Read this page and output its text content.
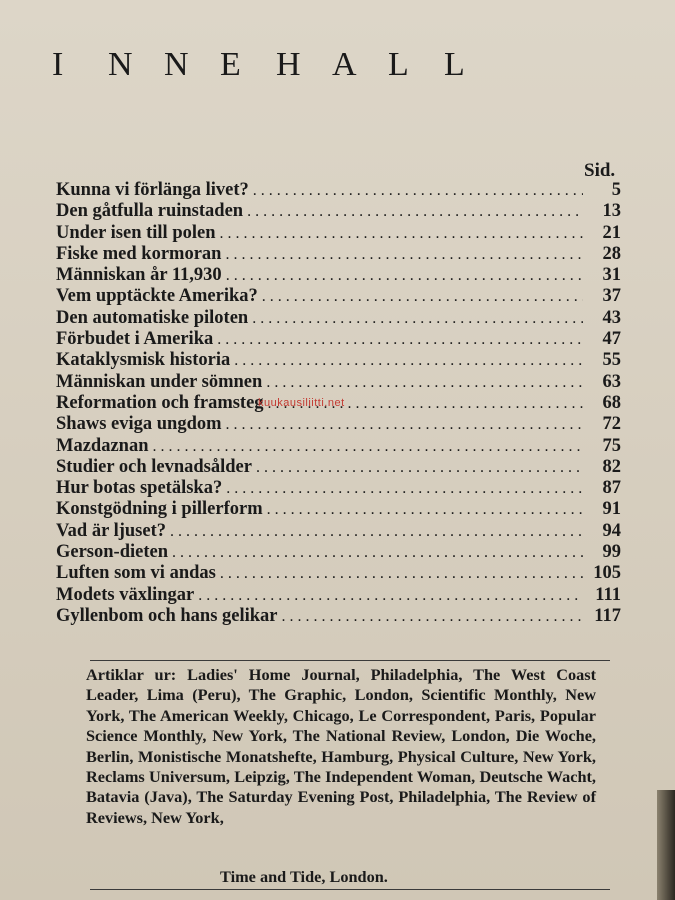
I N N E H A L L
Sid.
Kunna vi förlänga livet? . . .	5
Den gåtfulla ruinstaden . . .	13
Under isen till polen . . .	21
Fiske med kormoran . . .	28
Människan år 11,930 . . .	31
Vem upptäckte Amerika? . . .	37
Den automatiske piloten . . .	43
Förbudet i Amerika . . .	47
Kataklysmisk historia . . .	55
Människan under sömnen . . .	63
Reformation och framsteg . . .	68
Shaws eviga ungdom . . .	72
Mazdaznan . . .	75
Studier och levnadsålder . . .	82
Hur botas spetälska? . . .	87
Konstgödning i pillerform . . .	91
Vad är ljuset? . . .	94
Gerson-dieten . . .	99
Luften som vi andas . . .	105
Modets växlingar . . .	111
Gyllenbom och hans gelikar . . .	117
kuukausiliitti.net
Artiklar ur: Ladies' Home Journal, Philadelphia, The West Coast Leader, Lima (Peru), The Graphic, London, Scientific Monthly, New York, The American Weekly, Chicago, Le Correspondent, Paris, Popular Science Monthly, New York, The National Review, London, Die Woche, Berlin, Monistische Monatshefte, Hamburg, Physical Culture, New York, Reclams Universum, Leipzig, The Independent Woman, Deutsche Wacht, Batavia (Java), The Saturday Evening Post, Philadelphia, The Review of Reviews, New York,
Time and Tide, London.
